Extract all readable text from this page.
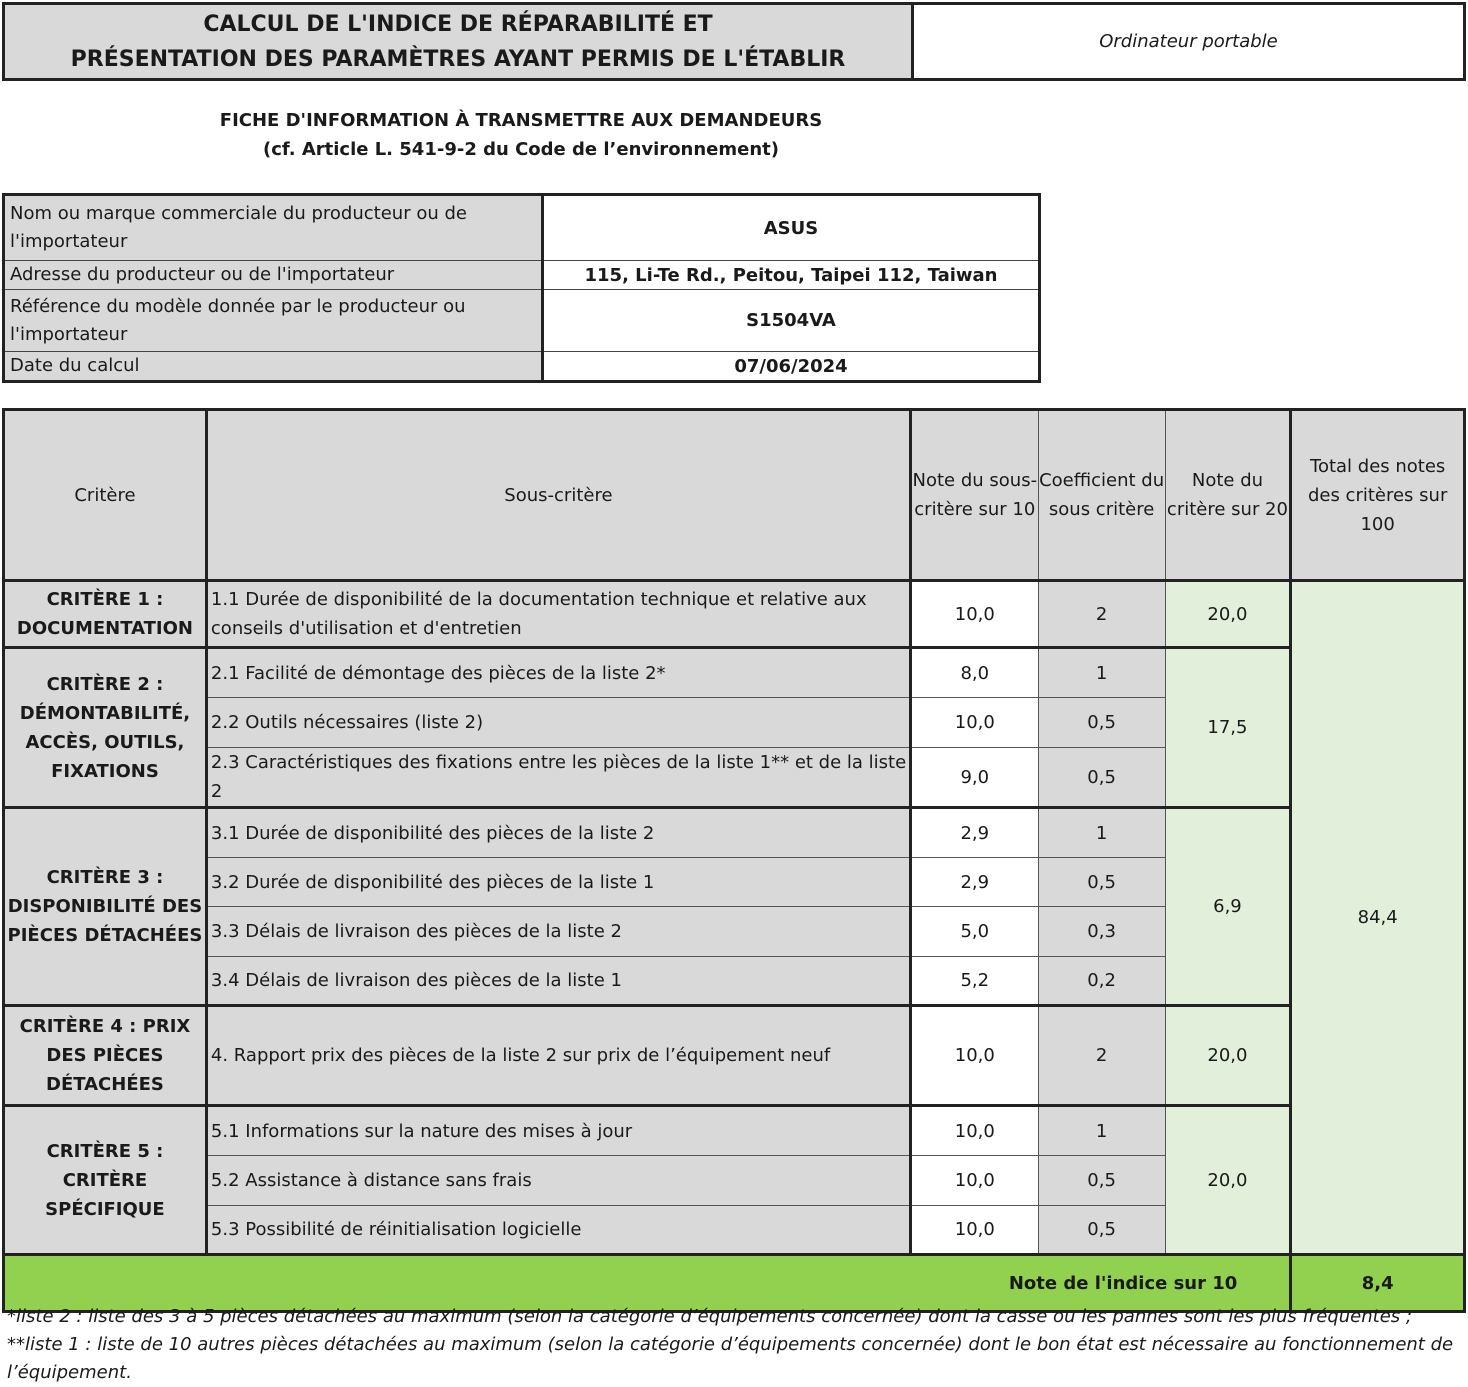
CALCUL DE L'INDICE DE RÉPARABILITÉ ET
PRÉSENTATION DES PARAMÈTRES AYANT PERMIS DE L'ÉTABLIR
	Ordinateur portable
FICHE D'INFORMATION À TRANSMETTRE AUX DEMANDEURS
(cf. Article L. 541-9-2 du Code de l’environnement)
Nom ou marque commerciale du producteur ou de l'importateur	ASUS
Adresse du producteur ou de l'importateur	115, Li-Te Rd., Peitou, Taipei 112, Taiwan
Référence du modèle donnée par le producteur ou l'importateur	S1504VA
Date du calcul	07/06/2024
Critère	Sous-critère	Note du sous-critère sur 10	Coefficient du sous critère	Note du critère sur 20	Total des notes des critères sur 100
CRITÈRE 1 : DOCUMENTATION	1.1 Durée de disponibilité de la documentation technique et relative aux conseils d'utilisation et d'entretien	10,0	2	20,0	84,4
CRITÈRE 2 : DÉMONTABILITÉ, ACCÈS, OUTILS, FIXATIONS	2.1 Facilité de démontage des pièces de la liste 2*	8,0	1	17,5	
	2.2 Outils nécessaires (liste 2)	10,0	0,5		
	2.3 Caractéristiques des fixations entre les pièces de la liste 1** et de la liste 2	9,0	0,5		
CRITÈRE 3 : DISPONIBILITÉ DES PIÈCES DÉTACHÉES	3.1 Durée de disponibilité des pièces de la liste 2	2,9	1	6,9	
	3.2 Durée de disponibilité des pièces de la liste 1	2,9	0,5		
	3.3 Délais de livraison des pièces de la liste 2	5,0	0,3		
	3.4 Délais de livraison des pièces de la liste 1	5,2	0,2		
CRITÈRE 4 : PRIX DES PIÈCES DÉTACHÉES	4. Rapport prix des pièces de la liste 2 sur prix de l’équipement neuf	10,0	2	20,0	
CRITÈRE 5 : CRITÈRE SPÉCIFIQUE	5.1 Informations sur la nature des mises à jour	10,0	1	20,0	
	5.2 Assistance à distance sans frais	10,0	0,5		
	5.3 Possibilité de réinitialisation logicielle	10,0	0,5		
Note de l'indice sur 10					8,4
*liste 2 : liste des 3 à 5 pièces détachées au maximum (selon la catégorie d’équipements concernée) dont la casse ou les pannes sont les plus fréquentes ;
**liste 1 : liste de 10 autres pièces détachées au maximum (selon la catégorie d’équipements concernée) dont le bon état est nécessaire au fonctionnement de l’équipement.
